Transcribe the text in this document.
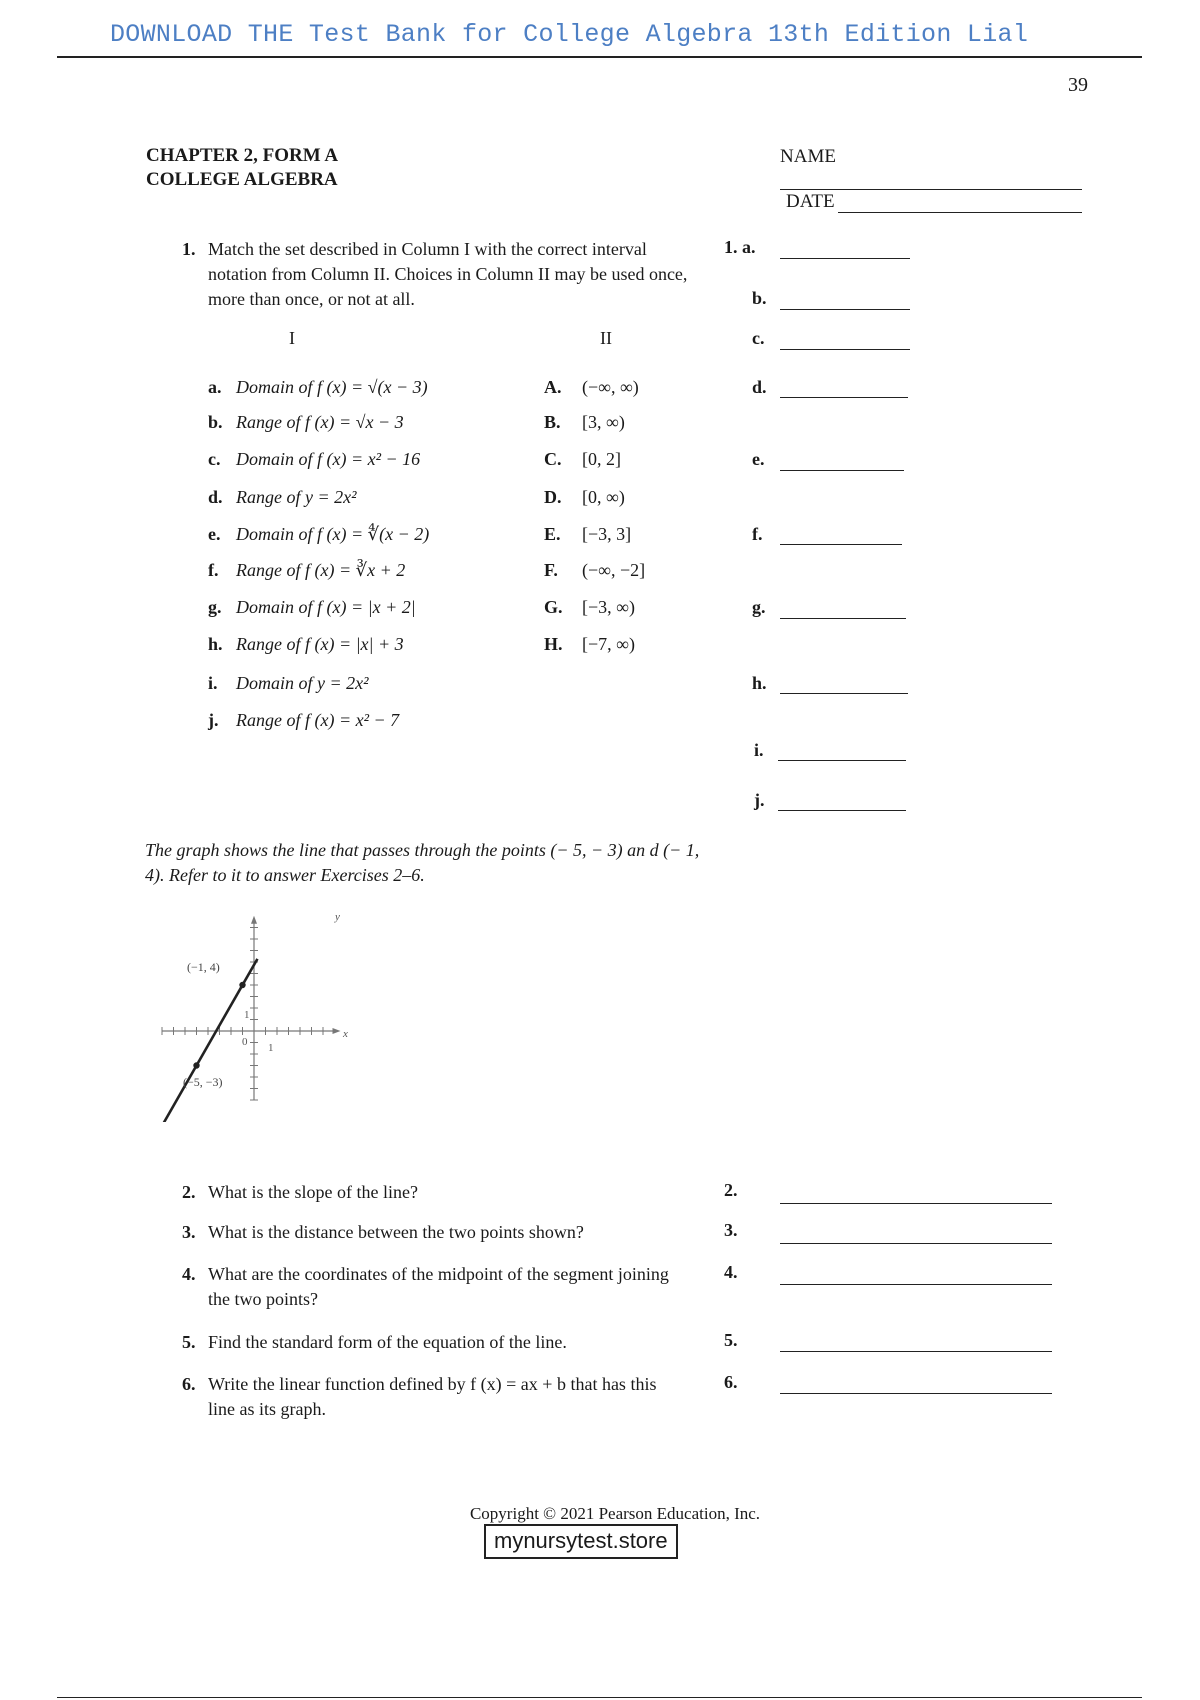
DOWNLOAD THE Test Bank for College Algebra 13th Edition Lial
39
CHAPTER 2, FORM A
COLLEGE ALGEBRA
NAME
DATE
1. Match the set described in Column I with the correct interval notation from Column II. Choices in Column II may be used once, more than once, or not at all.
I	II
a. Domain of f (x) = √(x − 3)
b. Range of f (x) = √x − 3
c. Domain of f (x) = x² − 16
d. Range of y = 2x²
e. Domain of f (x) = ∜(x − 2)
f. Range of f (x) = ∛x + 2
g. Domain of f (x) = |x + 2|
h. Range of f (x) = |x| + 3
i. Domain of y = 2x²
j. Range of f (x) = x² − 7
A. (−∞, ∞)
B. [3, ∞)
C. [0, 2]
D. [0, ∞)
E. [−3, 3]
F. (−∞, −2]
G. [−3, ∞)
H. [−7, ∞)
1. a.
b.
c.
d.
e.
f.
g.
h.
i.
j.
The graph shows the line that passes through the points (− 5, − 3) an d (− 1, 4). Refer to it to answer Exercises 2–6.
y
x
0 1
1
(−1, 4)
(−5, −3)
2. What is the slope of the line?
3. What is the distance between the two points shown?
4. What are the coordinates of the midpoint of the segment joining the two points?
5. Find the standard form of the equation of the line.
6. Write the linear function defined by f (x) = ax + b that has this line as its graph.
2.
3.
4.
5.
6.
Copyright © 2021 Pearson Education, Inc.
mynursytest.store
